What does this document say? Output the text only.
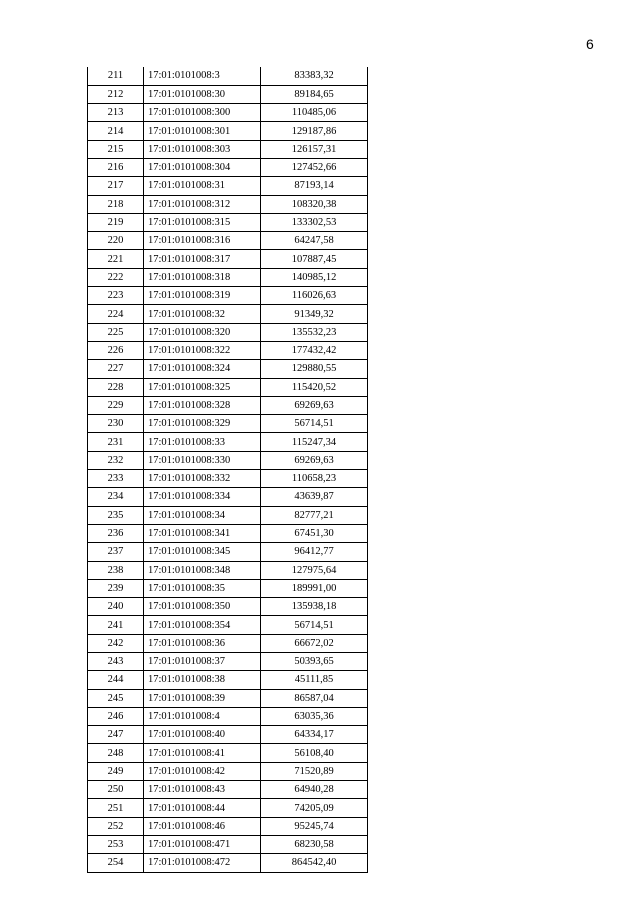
6
211	17:01:0101008:3	83383,32
212	17:01:0101008:30	89184,65
213	17:01:0101008:300	110485,06
214	17:01:0101008:301	129187,86
215	17:01:0101008:303	126157,31
216	17:01:0101008:304	127452,66
217	17:01:0101008:31	87193,14
218	17:01:0101008:312	108320,38
219	17:01:0101008:315	133302,53
220	17:01:0101008:316	64247,58
221	17:01:0101008:317	107887,45
222	17:01:0101008:318	140985,12
223	17:01:0101008:319	116026,63
224	17:01:0101008:32	91349,32
225	17:01:0101008:320	135532,23
226	17:01:0101008:322	177432,42
227	17:01:0101008:324	129880,55
228	17:01:0101008:325	115420,52
229	17:01:0101008:328	69269,63
230	17:01:0101008:329	56714,51
231	17:01:0101008:33	115247,34
232	17:01:0101008:330	69269,63
233	17:01:0101008:332	110658,23
234	17:01:0101008:334	43639,87
235	17:01:0101008:34	82777,21
236	17:01:0101008:341	67451,30
237	17:01:0101008:345	96412,77
238	17:01:0101008:348	127975,64
239	17:01:0101008:35	189991,00
240	17:01:0101008:350	135938,18
241	17:01:0101008:354	56714,51
242	17:01:0101008:36	66672,02
243	17:01:0101008:37	50393,65
244	17:01:0101008:38	45111,85
245	17:01:0101008:39	86587,04
246	17:01:0101008:4	63035,36
247	17:01:0101008:40	64334,17
248	17:01:0101008:41	56108,40
249	17:01:0101008:42	71520,89
250	17:01:0101008:43	64940,28
251	17:01:0101008:44	74205,09
252	17:01:0101008:46	95245,74
253	17:01:0101008:471	68230,58
254	17:01:0101008:472	864542,40
